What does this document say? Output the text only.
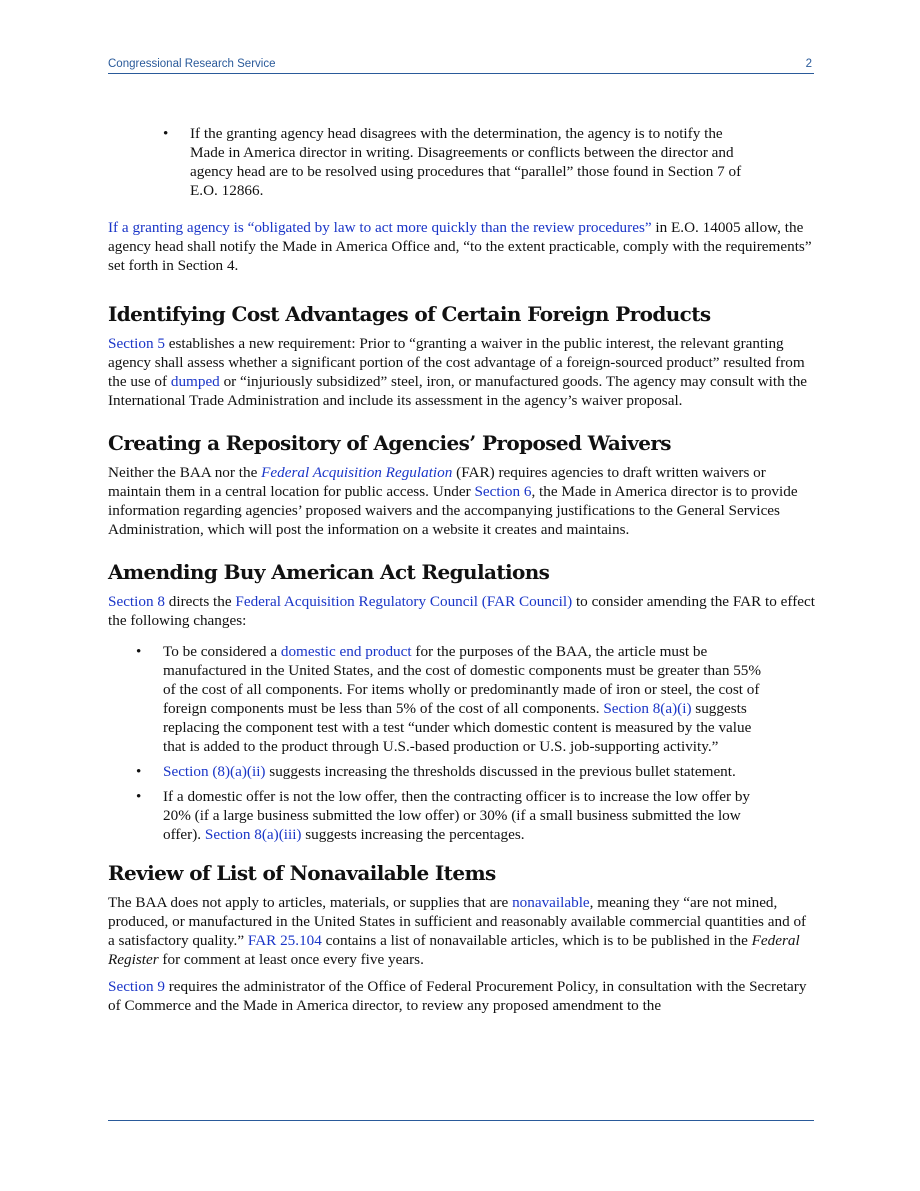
Congressional Research Service	2
• If the granting agency head disagrees with the determination, the agency is to notify the Made in America director in writing. Disagreements or conflicts between the director and agency head are to be resolved using procedures that “parallel” those found in Section 7 of E.O. 12866.

If a granting agency is “obligated by law to act more quickly than the review procedures” in E.O. 14005 allow, the agency head shall notify the Made in America Office and, “to the extent practicable, comply with the requirements” set forth in Section 4.

Identifying Cost Advantages of Certain Foreign Products

Section 5 establishes a new requirement: Prior to “granting a waiver in the public interest, the relevant granting agency shall assess whether a significant portion of the cost advantage of a foreign-sourced product” resulted from the use of dumped or “injuriously subsidized” steel, iron, or manufactured goods. The agency may consult with the International Trade Administration and include its assessment in the agency’s waiver proposal.

Creating a Repository of Agencies’ Proposed Waivers

Neither the BAA nor the Federal Acquisition Regulation (FAR) requires agencies to draft written waivers or maintain them in a central location for public access. Under Section 6, the Made in America director is to provide information regarding agencies’ proposed waivers and the accompanying justifications to the General Services Administration, which will post the information on a website it creates and maintains.

Amending Buy American Act Regulations

Section 8 directs the Federal Acquisition Regulatory Council (FAR Council) to consider amending the FAR to effect the following changes:

• To be considered a domestic end product for the purposes of the BAA, the article must be manufactured in the United States, and the cost of domestic components must be greater than 55% of the cost of all components. For items wholly or predominantly made of iron or steel, the cost of foreign components must be less than 5% of the cost of all components. Section 8(a)(i) suggests replacing the component test with a test “under which domestic content is measured by the value that is added to the product through U.S.-based production or U.S. job-supporting activity.”
• Section (8)(a)(ii) suggests increasing the thresholds discussed in the previous bullet statement.
• If a domestic offer is not the low offer, then the contracting officer is to increase the low offer by 20% (if a large business submitted the low offer) or 30% (if a small business submitted the low offer). Section 8(a)(iii) suggests increasing the percentages.
Review of List of Nonavailable Items

The BAA does not apply to articles, materials, or supplies that are nonavailable, meaning they “are not mined, produced, or manufactured in the United States in sufficient and reasonably available commercial quantities and of a satisfactory quality.” FAR 25.104 contains a list of nonavailable articles, which is to be published in the Federal Register for comment at least once every five years.

Section 9 requires the administrator of the Office of Federal Procurement Policy, in consultation with the Secretary of Commerce and the Made in America director, to review any proposed amendment to the
